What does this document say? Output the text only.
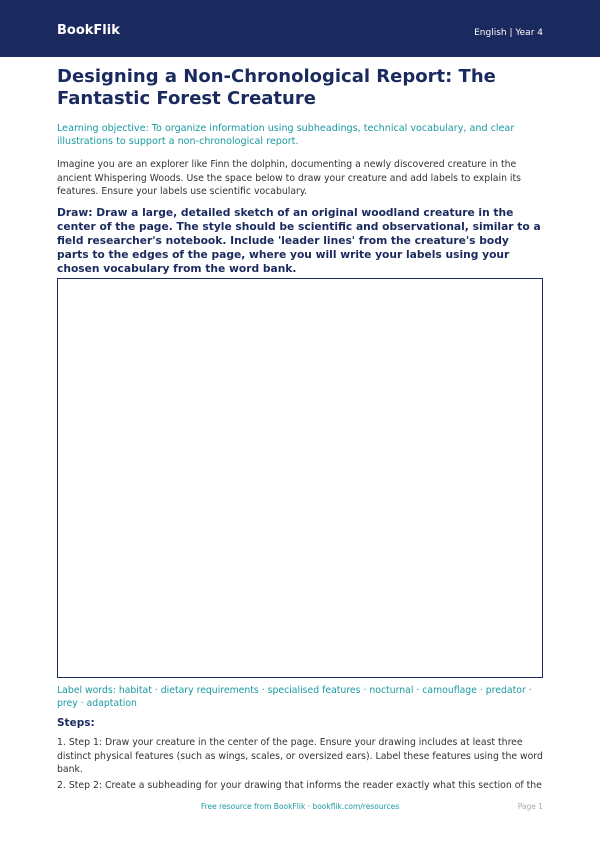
BookFlik	English | Year 4
Designing a Non-Chronological Report: The Fantastic Forest Creature

Learning objective: To organize information using subheadings, technical vocabulary, and clear illustrations to support a non-chronological report.

Imagine you are an explorer like Finn the dolphin, documenting a newly discovered creature in the ancient Whispering Woods. Use the space below to draw your creature and add labels to explain its features. Ensure your labels use scientific vocabulary.

Draw: Draw a large, detailed sketch of an original woodland creature in the center of the page. The style should be scientific and observational, similar to a field researcher's notebook. Include 'leader lines' from the creature's body parts to the edges of the page, where you will write your labels using your chosen vocabulary from the word bank.

Label words: habitat · dietary requirements · specialised features · nocturnal · camouflage · predator · prey · adaptation

Steps:
1. Step 1: Draw your creature in the center of the page. Ensure your drawing includes at least three distinct physical features (such as wings, scales, or oversized ears). Label these features using the word bank.
2. Step 2: Create a subheading for your drawing that informs the reader exactly what this section of the
Free resource from BookFlik · bookflik.com/resources	Page 1
